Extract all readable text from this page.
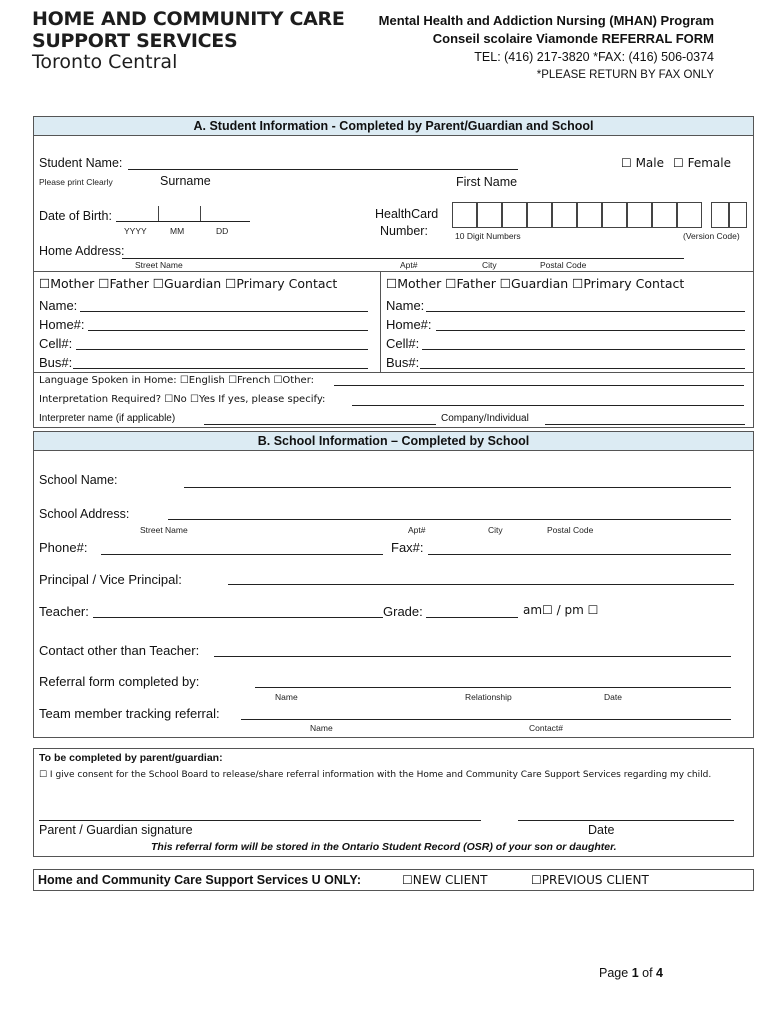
HOME AND COMMUNITY CARE
SUPPORT SERVICES
Toronto Central
Mental Health and Addiction Nursing (MHAN) Program
Conseil scolaire Viamonde REFERRAL FORM
TEL: (416) 217-3820 *FAX: (416) 506-0374
*PLEASE RETURN BY FAX ONLY
A. Student Information - Completed by Parent/Guardian and School
Student Name:
Please print Clearly	Surname	First Name
☐ Male ☐ Female
Date of Birth:
YYYY	MM	DD
HealthCard
Number:	10 Digit Numbers	(Version Code)
Home Address:
Street Name	Apt#	City	Postal Code
☐Mother ☐Father ☐Guardian ☐Primary Contact	☐Mother ☐Father ☐Guardian ☐Primary Contact
Name:
Home#:
Cell#:
Bus#:
Name:
Home#:
Cell#:
Bus#:
Language Spoken in Home: ☐English ☐French ☐Other:
Interpretation Required? ☐No ☐Yes If yes, please specify:
Interpreter name (if applicable)	Company/Individual
B. School Information – Completed by School
School Name:
School Address:
Street Name	Apt#	City	Postal Code
Phone#:	Fax#:
Principal / Vice Principal:
Teacher:	Grade:	am☐ / pm ☐
Contact other than Teacher:
Referral form completed by:
Name	Relationship	Date
Team member tracking referral:
Name	Contact#
To be completed by parent/guardian:
☐ I give consent for the School Board to release/share referral information with the Home and Community Care Support Services regarding my child.
Parent / Guardian signature	Date
This referral form will be stored in the Ontario Student Record (OSR) of your son or daughter.
Home and Community Care Support Services U ONLY:	☐NEW CLIENT	☐PREVIOUS CLIENT
Page 1 of 4
